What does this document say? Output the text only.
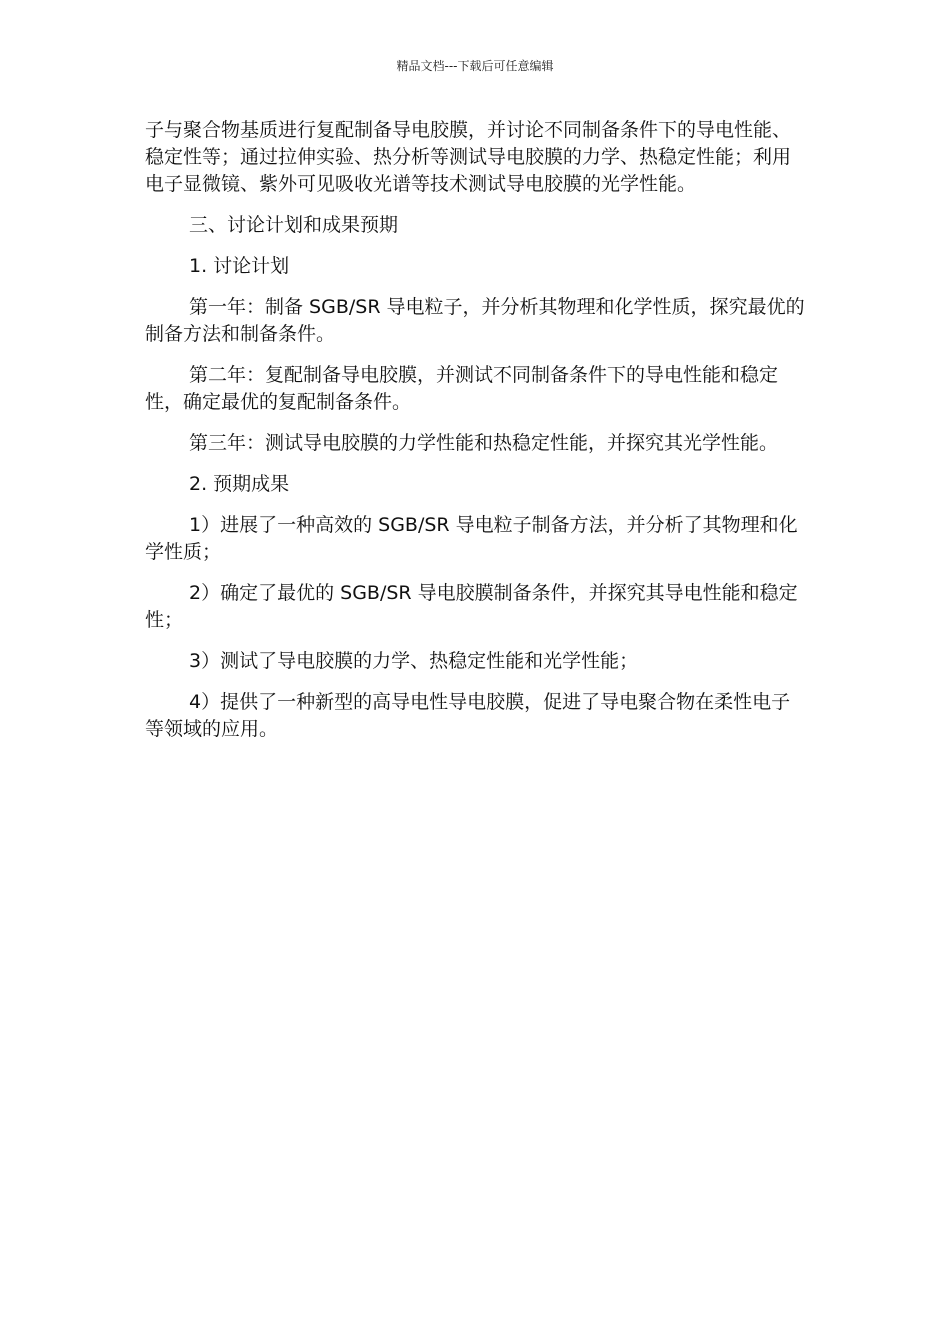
精品文档---下载后可任意编辑

子与聚合物基质进行复配制备导电胶膜，并讨论不同制备条件下的导电性能、稳定性等；通过拉伸实验、热分析等测试导电胶膜的力学、热稳定性能；利用电子显微镜、紫外可见吸收光谱等技术测试导电胶膜的光学性能。

三、讨论计划和成果预期

1. 讨论计划

第一年：制备 SGB/SR 导电粒子，并分析其物理和化学性质，探究最优的制备方法和制备条件。

第二年：复配制备导电胶膜，并测试不同制备条件下的导电性能和稳定性，确定最优的复配制备条件。

第三年：测试导电胶膜的力学性能和热稳定性能，并探究其光学性能。

2. 预期成果

1）进展了一种高效的 SGB/SR 导电粒子制备方法，并分析了其物理和化学性质；

2）确定了最优的 SGB/SR 导电胶膜制备条件，并探究其导电性能和稳定性；

3）测试了导电胶膜的力学、热稳定性能和光学性能；

4）提供了一种新型的高导电性导电胶膜，促进了导电聚合物在柔性电子等领域的应用。
